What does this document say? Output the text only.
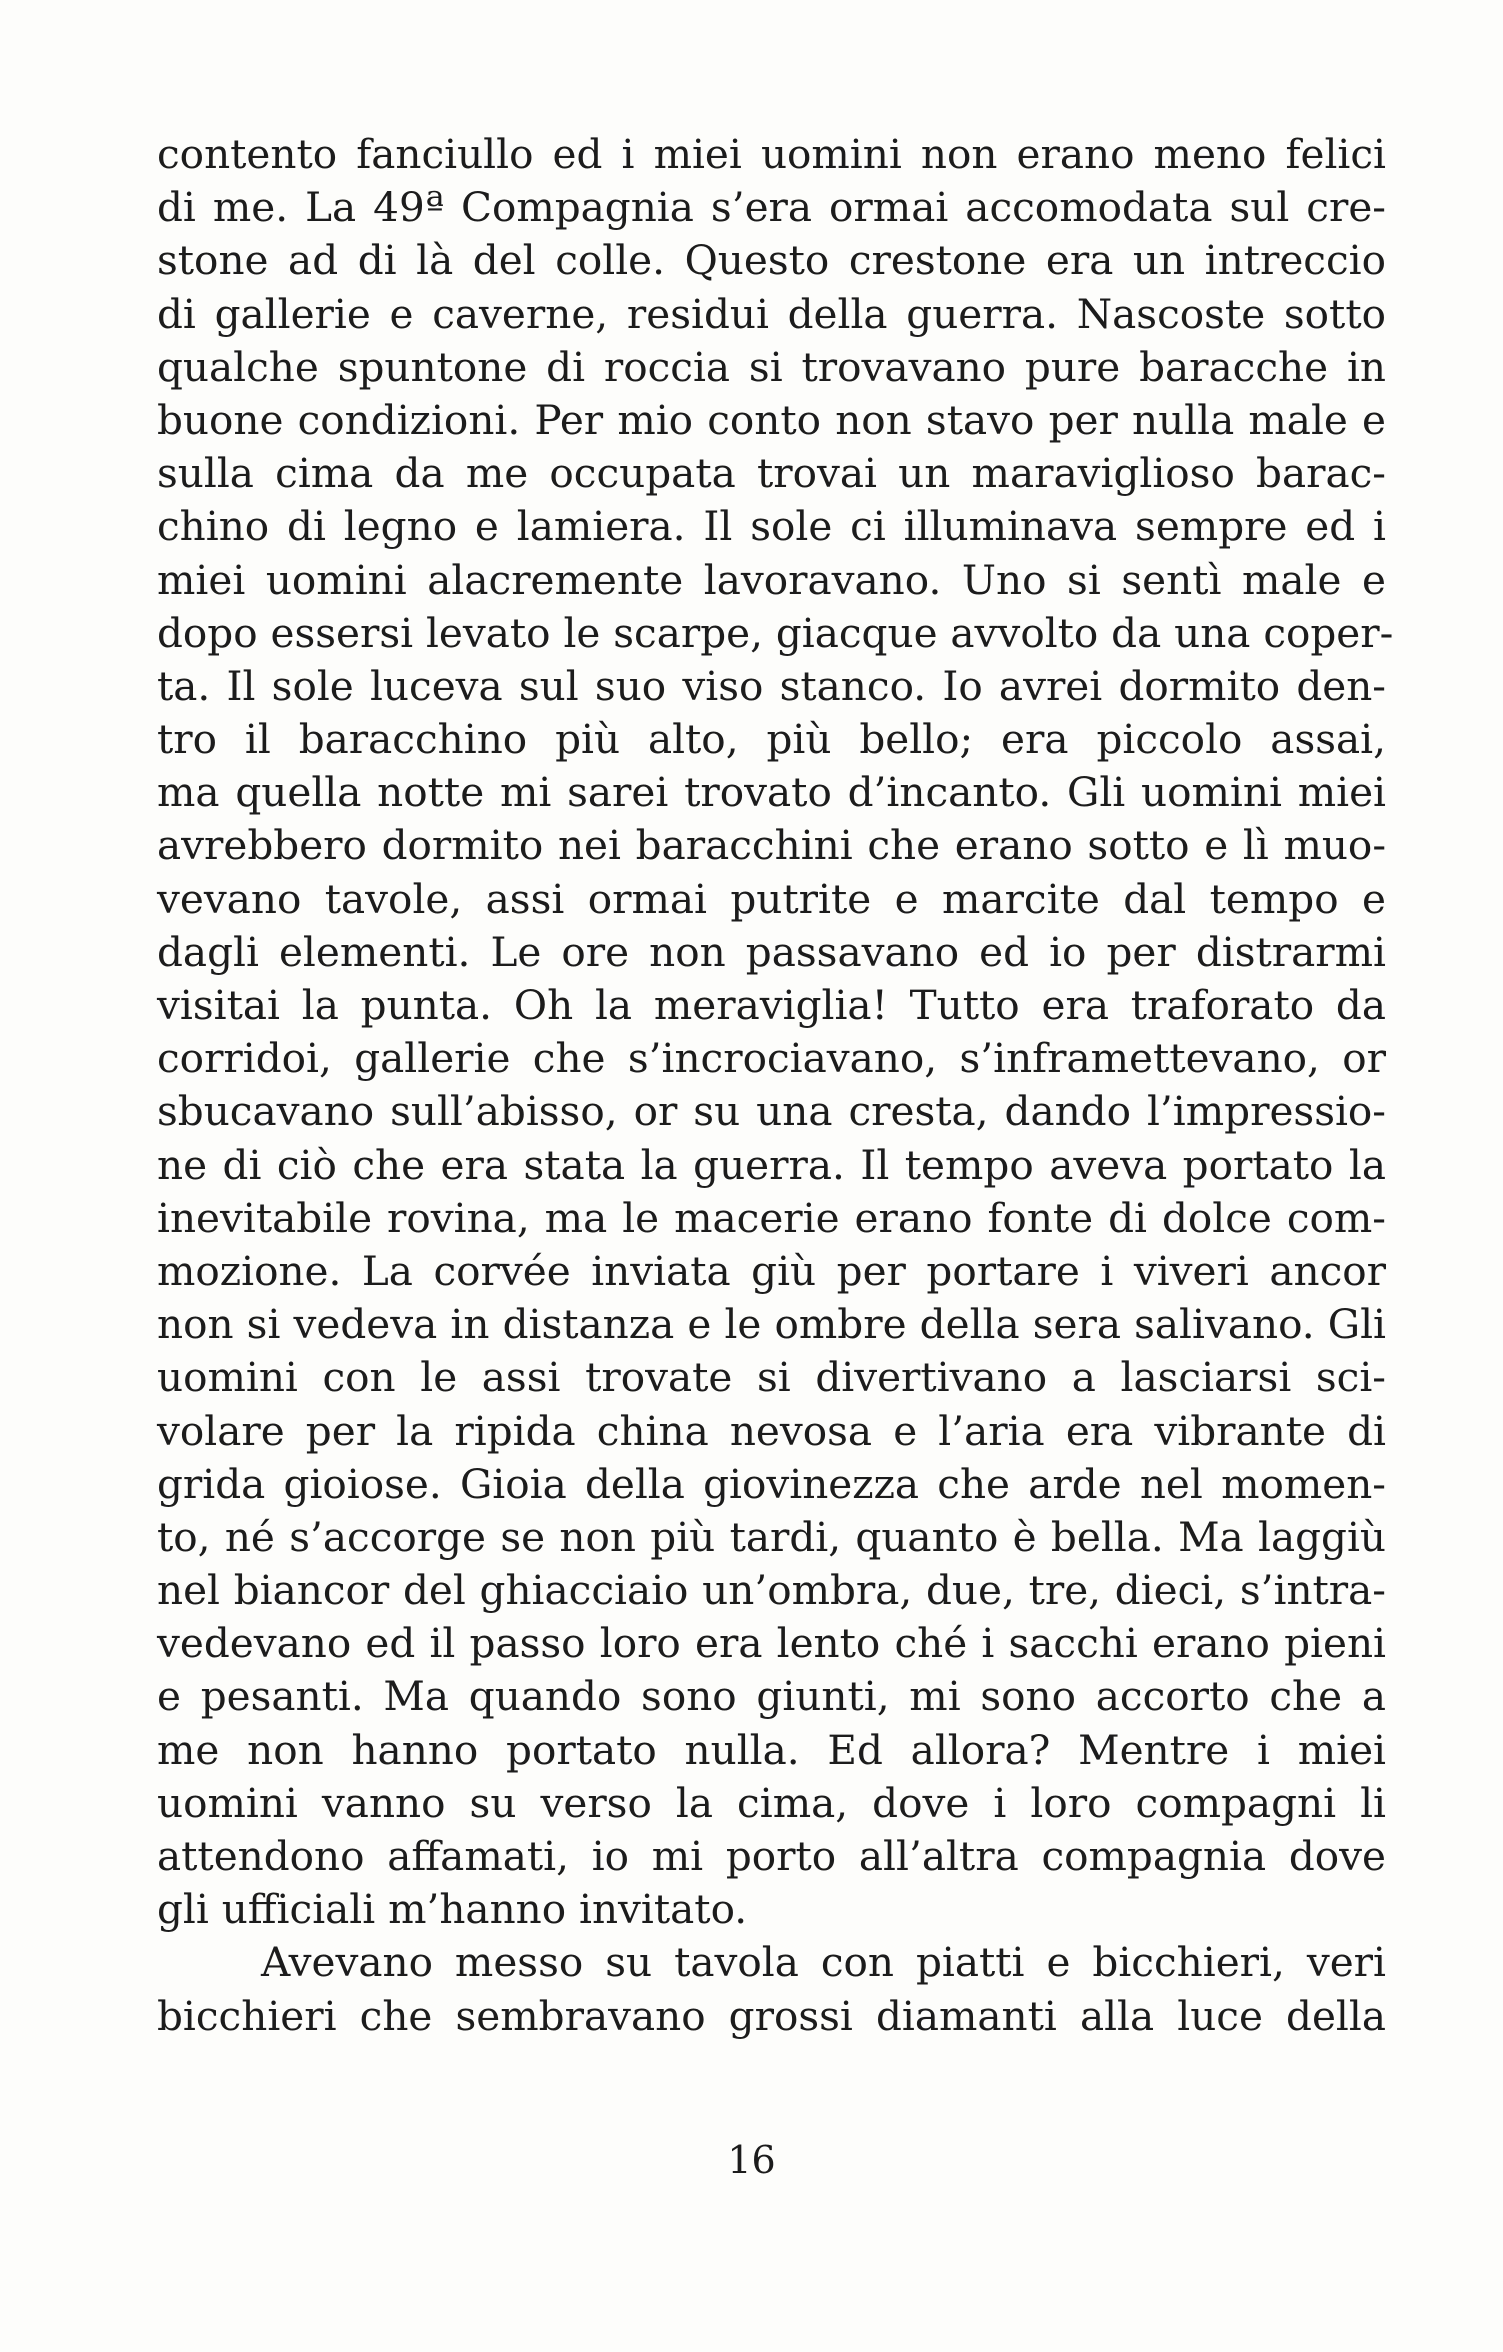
contento fanciullo ed i miei uomini non erano meno felici
di me. La 49ª Compagnia s’era ormai accomodata sul cre-
stone ad di là del colle. Questo crestone era un intreccio
di gallerie e caverne, residui della guerra. Nascoste sotto
qualche spuntone di roccia si trovavano pure baracche in
buone condizioni. Per mio conto non stavo per nulla male e
sulla cima da me occupata trovai un maraviglioso barac-
chino di legno e lamiera. Il sole ci illuminava sempre ed i
miei uomini alacremente lavoravano. Uno si sentì male e
dopo essersi levato le scarpe, giacque avvolto da una coper-
ta. Il sole luceva sul suo viso stanco. Io avrei dormito den-
tro il baracchino più alto, più bello; era piccolo assai,
ma quella notte mi sarei trovato d’incanto. Gli uomini miei
avrebbero dormito nei baracchini che erano sotto e lì muo-
vevano tavole, assi ormai putrite e marcite dal tempo e
dagli elementi. Le ore non passavano ed io per distrarmi
visitai la punta. Oh la meraviglia! Tutto era traforato da
corridoi, gallerie che s’incrociavano, s’inframettevano, or
sbucavano sull’abisso, or su una cresta, dando l’impressio-
ne di ciò che era stata la guerra. Il tempo aveva portato la
inevitabile rovina, ma le macerie erano fonte di dolce com-
mozione. La corvée inviata giù per portare i viveri ancor
non si vedeva in distanza e le ombre della sera salivano. Gli
uomini con le assi trovate si divertivano a lasciarsi sci-
volare per la ripida china nevosa e l’aria era vibrante di
grida gioiose. Gioia della giovinezza che arde nel momen-
to, né s’accorge se non più tardi, quanto è bella. Ma laggiù
nel biancor del ghiacciaio un’ombra, due, tre, dieci, s’intra-
vedevano ed il passo loro era lento ché i sacchi erano pieni
e pesanti. Ma quando sono giunti, mi sono accorto che a
me non hanno portato nulla. Ed allora? Mentre i miei
uomini vanno su verso la cima, dove i loro compagni li
attendono affamati, io mi porto all’altra compagnia dove
gli ufficiali m’hanno invitato.
Avevano messo su tavola con piatti e bicchieri, veri
bicchieri che sembravano grossi diamanti alla luce della
16
